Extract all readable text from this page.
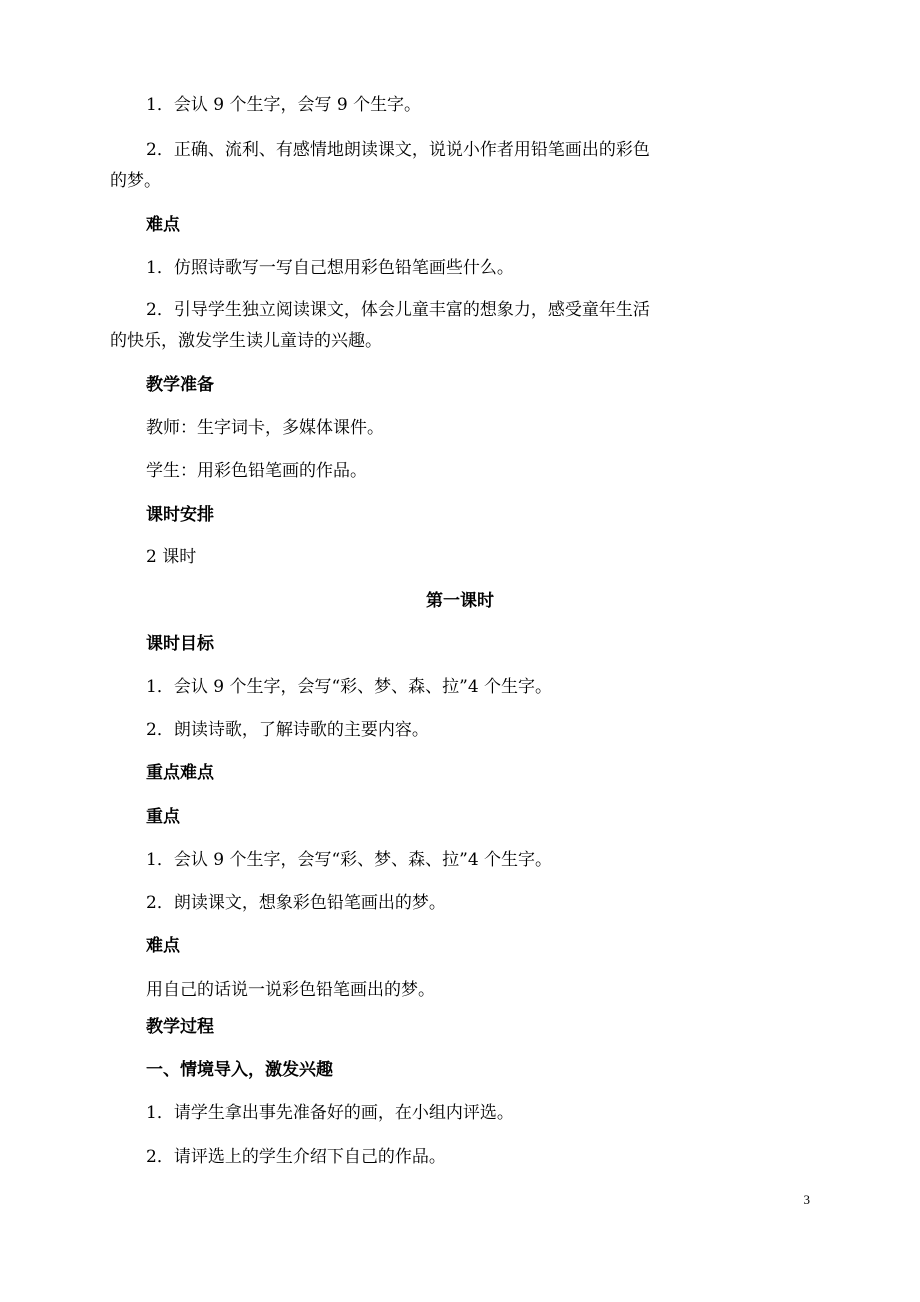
1．会认 9 个生字，会写 9 个生字。
2．正确、流利、有感情地朗读课文，说说小作者用铅笔画出的彩色
的梦。
难点
1．仿照诗歌写一写自己想用彩色铅笔画些什么。
2．引导学生独立阅读课文，体会儿童丰富的想象力，感受童年生活
的快乐，激发学生读儿童诗的兴趣。
教学准备
教师：生字词卡，多媒体课件。
学生：用彩色铅笔画的作品。
课时安排
2 课时
第一课时
课时目标
1．会认 9 个生字，会写“彩、梦、森、拉”4 个生字。
2．朗读诗歌，了解诗歌的主要内容。
重点难点
重点
1．会认 9 个生字，会写“彩、梦、森、拉”4 个生字。
2．朗读课文，想象彩色铅笔画出的梦。
难点
用自己的话说一说彩色铅笔画出的梦。
教学过程
一、情境导入，激发兴趣
1．请学生拿出事先准备好的画，在小组内评选。
2．请评选上的学生介绍下自己的作品。
3
